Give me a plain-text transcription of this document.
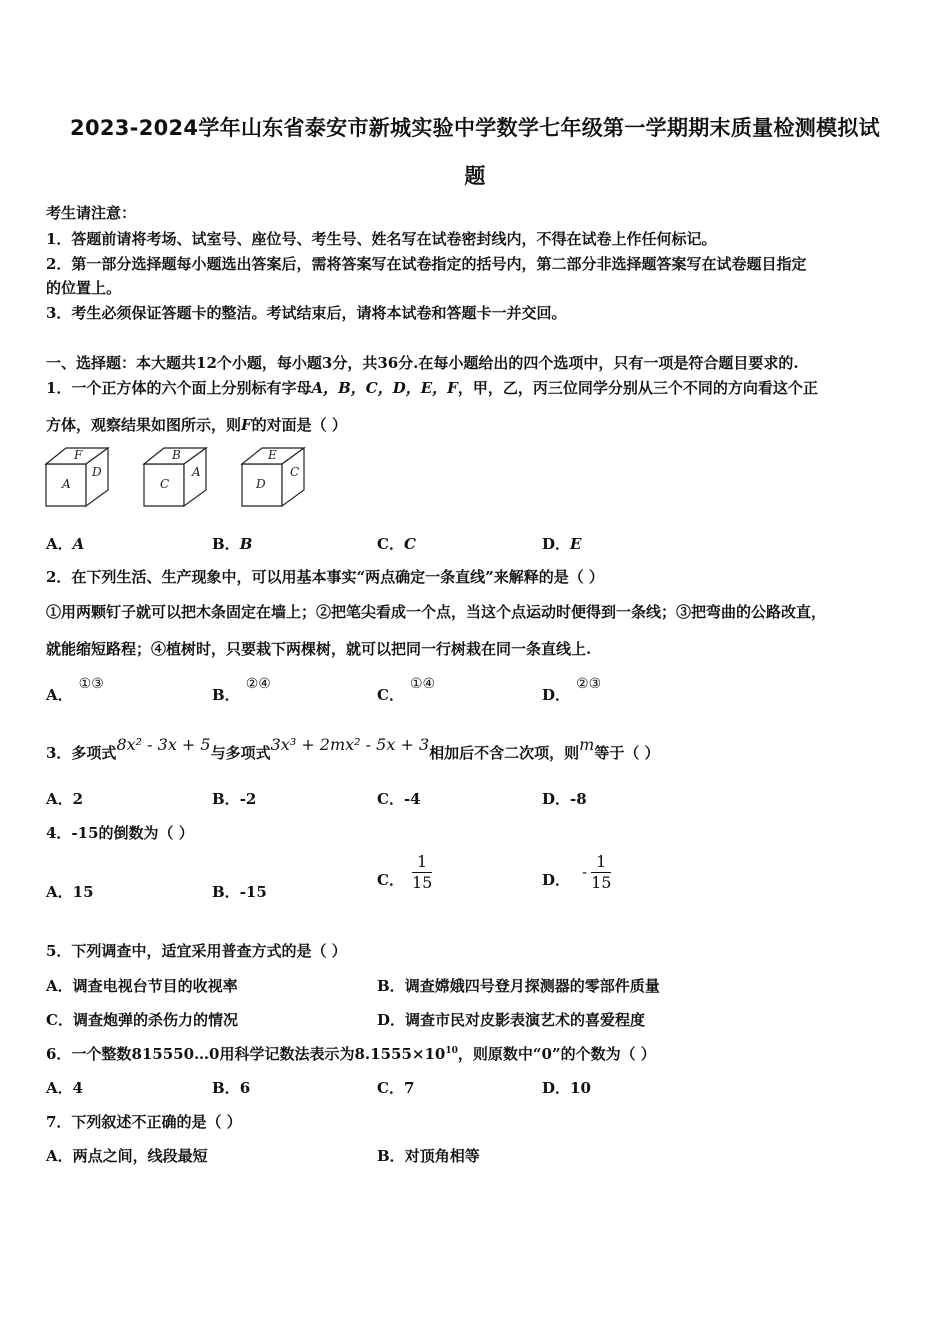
2023-2024学年山东省泰安市新城实验中学数学七年级第一学期期末质量检测模拟试
题
考生请注意：
1．答题前请将考场、试室号、座位号、考生号、姓名写在试卷密封线内，不得在试卷上作任何标记。
2．第一部分选择题每小题选出答案后，需将答案写在试卷指定的括号内，第二部分非选择题答案写在试卷题目指定
的位置上。
3．考生必须保证答题卡的整洁。考试结束后，请将本试卷和答题卡一并交回。
一、选择题：本大题共12个小题，每小题3分，共36分.在每小题给出的四个选项中，只有一项是符合题目要求的.
1．一个正方体的六个面上分别标有字母A，B，C，D，E，F，甲，乙，丙三位同学分别从三个不同的方向看这个正
方体，观察结果如图所示，则F的对面是（ ）
F
A
D
B
C
A
E
D
C
A．A	B．B	C．C	D．E
2．在下列生活、生产现象中，可以用基本事实“两点确定一条直线”来解释的是（ ）
①用两颗钉子就可以把木条固定在墙上；②把笔尖看成一个点，当这个点运动时便得到一条线；③把弯曲的公路改直，
就能缩短路程；④植树时，只要栽下两棵树，就可以把同一行树栽在同一条直线上.
A．①③
B．②④
C．①④
D．②③
3．多项式8x² - 3x + 5与多项式3x³ + 2mx² - 5x + 3相加后不含二次项，则m等于（ ）
A．2	B．-2	C．-4	D．-8
4．-15的倒数为（ ）
A．15	B．-15
C． $\frac{1}{15}$	D． - $\frac{1}{15}$
5．下列调查中，适宜采用普查方式的是（ ）
A．调查电视台节目的收视率	B．调查嫦娥四号登月探测器的零部件质量
C．调查炮弹的杀伤力的情况	D．调查市民对皮影表演艺术的喜爱程度
6．一个整数815550…0用科学记数法表示为$8.1555\times 10^{10}$，则原数中“0”的个数为（ ）
A．4	B．6	C．7	D．10
7．下列叙述不正确的是（ ）
A．两点之间，线段最短	B．对顶角相等
